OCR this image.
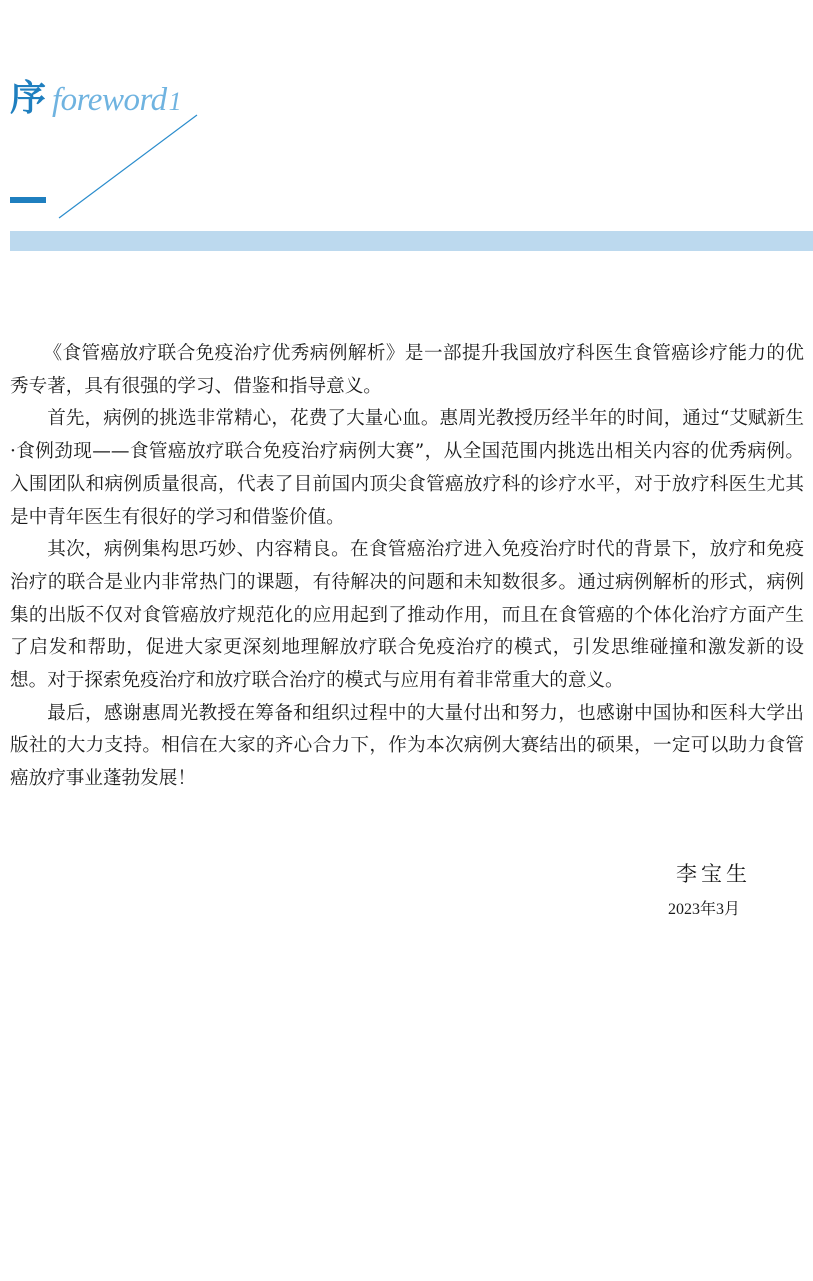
序 foreword1

《食管癌放疗联合免疫治疗优秀病例解析》是一部提升我国放疗科医生食管癌诊疗能力的优秀专著，具有很强的学习、借鉴和指导意义。

首先，病例的挑选非常精心，花费了大量心血。惠周光教授历经半年的时间，通过“艾赋新生·食例劲现——食管癌放疗联合免疫治疗病例大赛”，从全国范围内挑选出相关内容的优秀病例。入围团队和病例质量很高，代表了目前国内顶尖食管癌放疗科的诊疗水平，对于放疗科医生尤其是中青年医生有很好的学习和借鉴价值。

其次，病例集构思巧妙、内容精良。在食管癌治疗进入免疫治疗时代的背景下，放疗和免疫治疗的联合是业内非常热门的课题，有待解决的问题和未知数很多。通过病例解析的形式，病例集的出版不仅对食管癌放疗规范化的应用起到了推动作用，而且在食管癌的个体化治疗方面产生了启发和帮助，促进大家更深刻地理解放疗联合免疫治疗的模式，引发思维碰撞和激发新的设想。对于探索免疫治疗和放疗联合治疗的模式与应用有着非常重大的意义。

最后，感谢惠周光教授在筹备和组织过程中的大量付出和努力，也感谢中国协和医科大学出版社的大力支持。相信在大家的齐心合力下，作为本次病例大赛结出的硕果，一定可以助力食管癌放疗事业蓬勃发展！

李宝生
2023年3月
